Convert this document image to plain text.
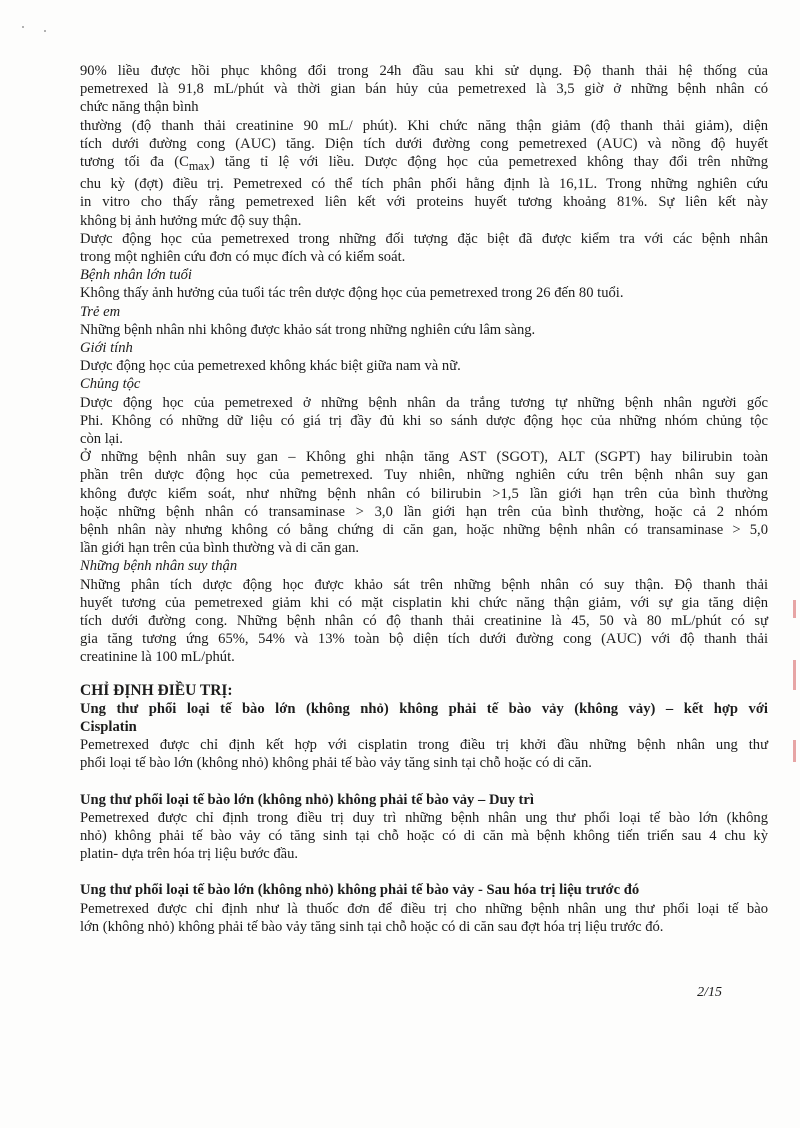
90% liều được hồi phục không đổi trong 24h đầu sau khi sử dụng. Độ thanh thải hệ thống của

pemetrexed là 91,8 mL/phút và thời gian bán hủy của pemetrexed là 3,5 giờ ở những bệnh nhân có

chức năng thận bình

thường (độ thanh thải creatinine 90 mL/ phút). Khi chức năng thận giảm (độ thanh thải giảm), diện

tích dưới đường cong (AUC) tăng. Diện tích dưới đường cong pemetrexed (AUC) và nồng độ huyết

tương tối đa $(C_{max})$ tăng tỉ lệ với liều. Dược động học của pemetrexed không thay đổi trên những

chu kỳ (đợt) điều trị. Pemetrexed có thể tích phân phối hằng định là 16,1L. Trong những nghiên cứu

in vitro cho thấy rằng pemetrexed liên kết với proteins huyết tương khoảng 81%. Sự liên kết này

không bị ảnh hưởng mức độ suy thận.

Dược động học của pemetrexed trong những đối tượng đặc biệt đã được kiểm tra với các bệnh nhân

trong một nghiên cứu đơn có mục đích và có kiểm soát.

Bệnh nhân lớn tuổi

Không thấy ảnh hưởng của tuổi tác trên dược động học của pemetrexed trong 26 đến 80 tuổi.

Trẻ em

Những bệnh nhân nhi không được khảo sát trong những nghiên cứu lâm sàng.

Giới tính

Dược động học của pemetrexed không khác biệt giữa nam và nữ.

Chủng tộc

Dược động học của pemetrexed ở những bệnh nhân da trắng tương tự những bệnh nhân người gốc

Phi. Không có những dữ liệu có giá trị đầy đủ khi so sánh dược động học của những nhóm chủng tộc

còn lại.

Ở những bệnh nhân suy gan – Không ghi nhận tăng AST (SGOT), ALT (SGPT) hay bilirubin toàn

phần trên dược động học của pemetrexed. Tuy nhiên, những nghiên cứu trên bệnh nhân suy gan

không được kiểm soát, như những bệnh nhân có bilirubin >1,5 lần giới hạn trên của bình thường

hoặc những bệnh nhân có transaminase > 3,0 lần giới hạn trên của bình thường, hoặc cả 2 nhóm

bệnh nhân này nhưng không có bằng chứng di căn gan, hoặc những bệnh nhân có transaminase > 5,0

lần giới hạn trên của bình thường và di căn gan.

Những bệnh nhân suy thận

Những phân tích dược động học được khảo sát trên những bệnh nhân có suy thận. Độ thanh thải

huyết tương của pemetrexed giảm khi có mặt cisplatin khi chức năng thận giảm, với sự gia tăng diện

tích dưới đường cong. Những bệnh nhân có độ thanh thải creatinine là 45, 50 và 80 mL/phút có sự

gia tăng tương ứng 65%, 54% và 13% toàn bộ diện tích dưới đường cong (AUC) với độ thanh thải

creatinine là 100 mL/phút.

CHỈ ĐỊNH ĐIỀU TRỊ:

Ung thư phổi loại tế bào lớn (không nhỏ) không phải tế bào vảy (không vảy) – kết hợp với

Cisplatin

Pemetrexed được chỉ định kết hợp với cisplatin trong điều trị khởi đầu những bệnh nhân ung thư

phổi loại tế bào lớn (không nhỏ) không phải tế bào vảy tăng sinh tại chỗ hoặc có di căn.

Ung thư phổi loại tế bào lớn (không nhỏ) không phải tế bào vảy – Duy trì

Pemetrexed được chỉ định trong điều trị duy trì những bệnh nhân ung thư phổi loại tế bào lớn (không

nhỏ) không phải tế bào vảy có tăng sinh tại chỗ hoặc có di căn mà bệnh không tiến triển sau 4 chu kỳ

platin- dựa trên hóa trị liệu bước đầu.

Ung thư phổi loại tế bào lớn (không nhỏ) không phải tế bào vảy - Sau hóa trị liệu trước đó

Pemetrexed được chỉ định như là thuốc đơn để điều trị cho những bệnh nhân ung thư phổi loại tế bào

lớn (không nhỏ) không phải tế bào vảy tăng sinh tại chỗ hoặc có di căn sau đợt hóa trị liệu trước đó.

2/15
